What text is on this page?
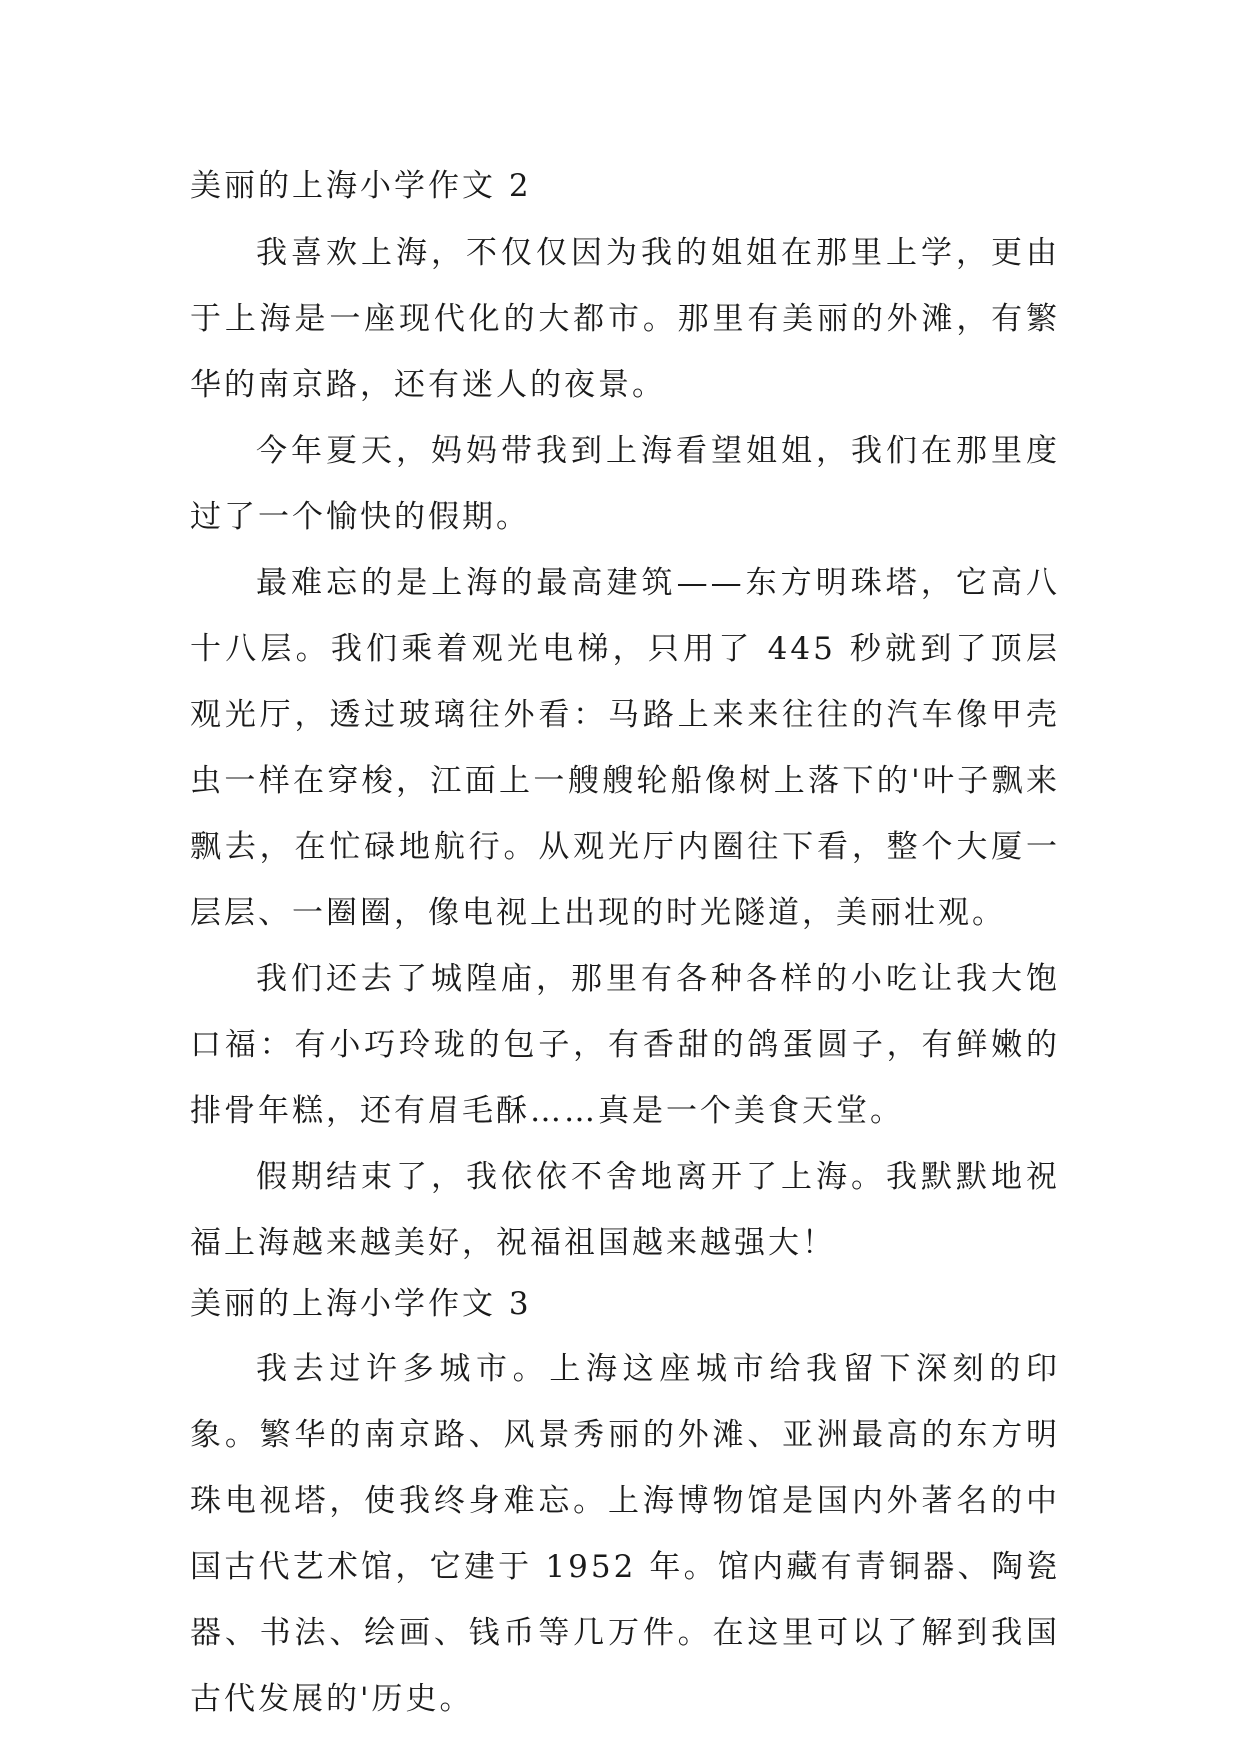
美丽的上海小学作文 2

我喜欢上海，不仅仅因为我的姐姐在那里上学，更由于上海是一座现代化的大都市。那里有美丽的外滩，有繁华的南京路，还有迷人的夜景。

今年夏天，妈妈带我到上海看望姐姐，我们在那里度过了一个愉快的假期。

最难忘的是上海的最高建筑——东方明珠塔，它高八十八层。我们乘着观光电梯，只用了 445 秒就到了顶层观光厅，透过玻璃往外看：马路上来来往往的汽车像甲壳虫一样在穿梭，江面上一艘艘轮船像树上落下的'叶子飘来飘去，在忙碌地航行。从观光厅内圈往下看，整个大厦一层层、一圈圈，像电视上出现的时光隧道，美丽壮观。

我们还去了城隍庙，那里有各种各样的小吃让我大饱口福：有小巧玲珑的包子，有香甜的鸽蛋圆子，有鲜嫩的排骨年糕，还有眉毛酥……真是一个美食天堂。

假期结束了，我依依不舍地离开了上海。我默默地祝福上海越来越美好，祝福祖国越来越强大！

美丽的上海小学作文 3

我去过许多城市。上海这座城市给我留下深刻的印象。繁华的南京路、风景秀丽的外滩、亚洲最高的东方明珠电视塔，使我终身难忘。上海博物馆是国内外著名的中国古代艺术馆，它建于 1952 年。馆内藏有青铜器、陶瓷器、书法、绘画、钱币等几万件。在这里可以了解到我国古代发展的'历史。
